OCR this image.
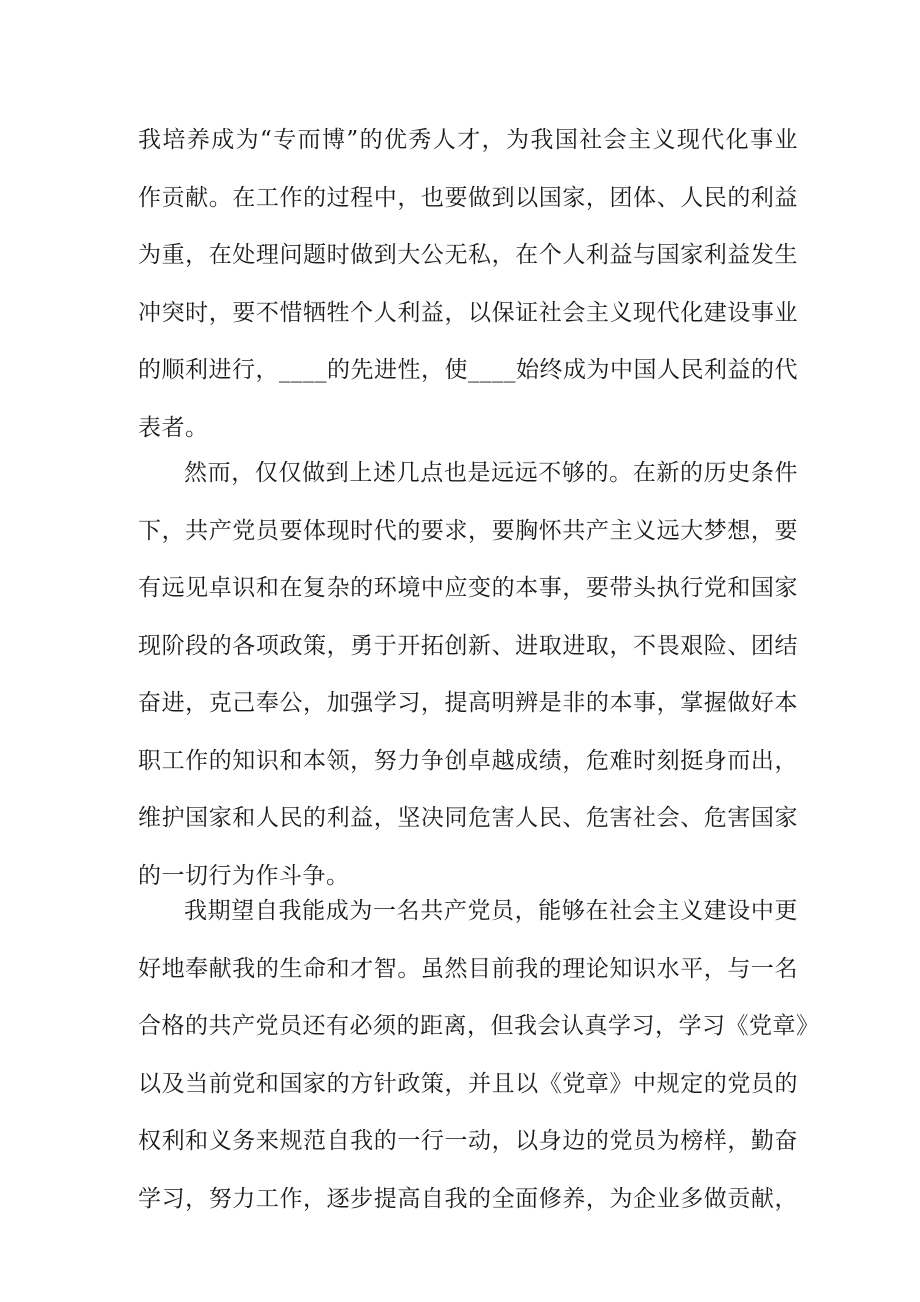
我培养成为“专而博”的优秀人才，为我国社会主义现代化事业
作贡献。在工作的过程中，也要做到以国家，团体、人民的利益
为重，在处理问题时做到大公无私，在个人利益与国家利益发生
冲突时，要不惜牺牲个人利益，以保证社会主义现代化建设事业
的顺利进行，____的先进性，使____始终成为中国人民利益的代
表者。
然而，仅仅做到上述几点也是远远不够的。在新的历史条件
下，共产党员要体现时代的要求，要胸怀共产主义远大梦想，要
有远见卓识和在复杂的环境中应变的本事，要带头执行党和国家
现阶段的各项政策，勇于开拓创新、进取进取，不畏艰险、团结
奋进，克己奉公，加强学习，提高明辨是非的本事，掌握做好本
职工作的知识和本领，努力争创卓越成绩，危难时刻挺身而出，
维护国家和人民的利益，坚决同危害人民、危害社会、危害国家
的一切行为作斗争。
我期望自我能成为一名共产党员，能够在社会主义建设中更
好地奉献我的生命和才智。虽然目前我的理论知识水平，与一名
合格的共产党员还有必须的距离，但我会认真学习，学习《党章》
以及当前党和国家的方针政策，并且以《党章》中规定的党员的
权利和义务来规范自我的一行一动，以身边的党员为榜样，勤奋
学习，努力工作，逐步提高自我的全面修养，为企业多做贡献，
